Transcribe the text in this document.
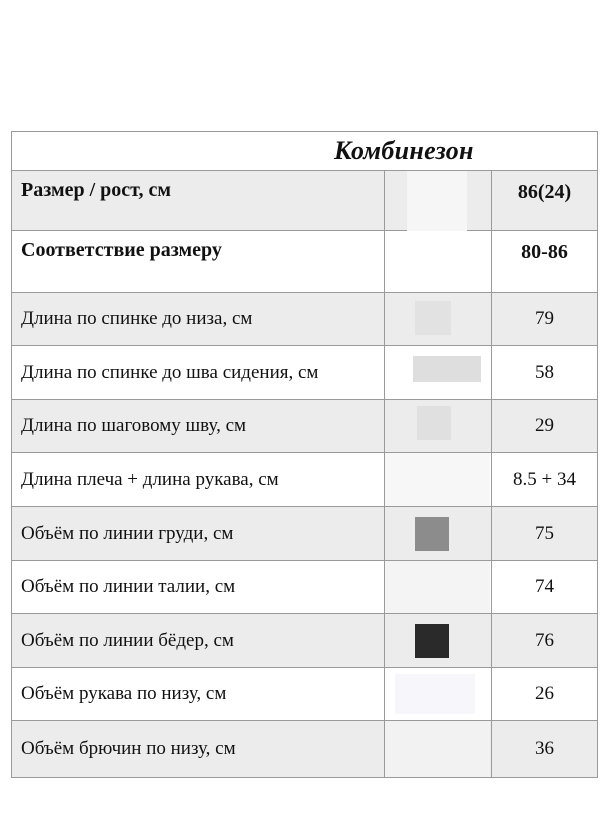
Комбинезон
Размер / рост, см	86(24)
Соответствие размеру	80-86
Длина по спинке до низа, см	79
Длина по спинке до шва сидения, см	58
Длина по шаговому шву, см	29
Длина плеча + длина рукава, см	8.5 + 34
Объём по линии груди, см	75
Объём по линии талии, см	74
Объём по линии бёдер, см	76
Объём рукава по низу, см	26
Объём брючин по низу, см	36
